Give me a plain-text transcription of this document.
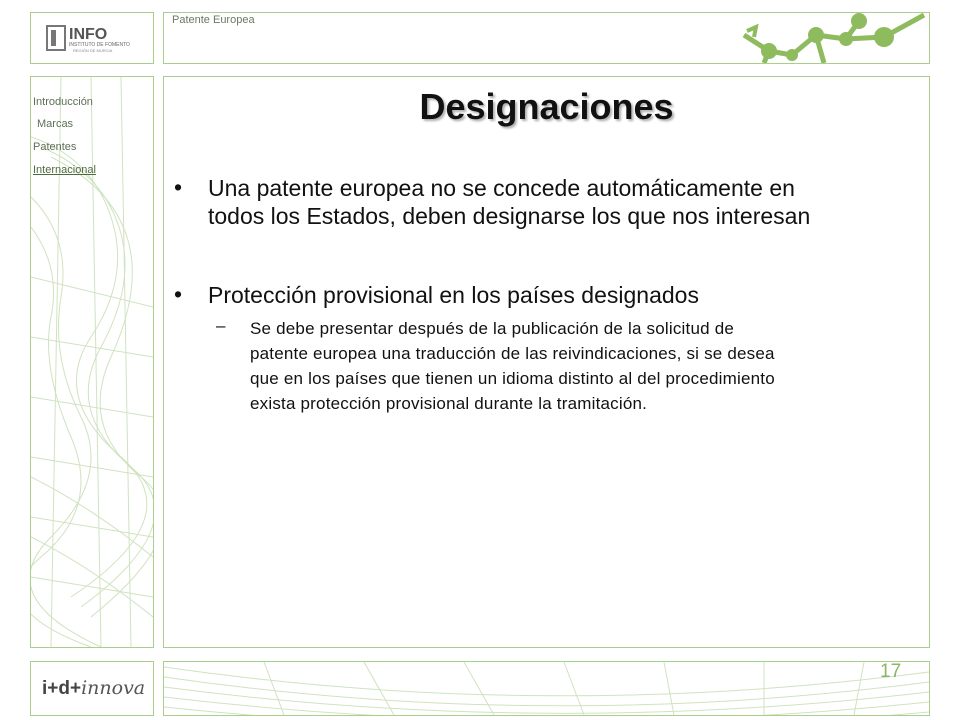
INFO
INSTITUTO DE FOMENTO
REGIÓN DE MURCIA
Patente Europea
Introducción
Marcas
Patentes
Internacional
Designaciones
• Una patente europea no se concede automáticamente en
todos los Estados, deben designarse los que nos interesan
• Protección provisional en los países designados
– Se debe presentar después de la publicación de la solicitud de
patente europea una traducción de las reivindicaciones, si se desea
que en los países que tienen un idioma distinto al del procedimiento
exista protección provisional durante la tramitación.
i+d+innova
17
